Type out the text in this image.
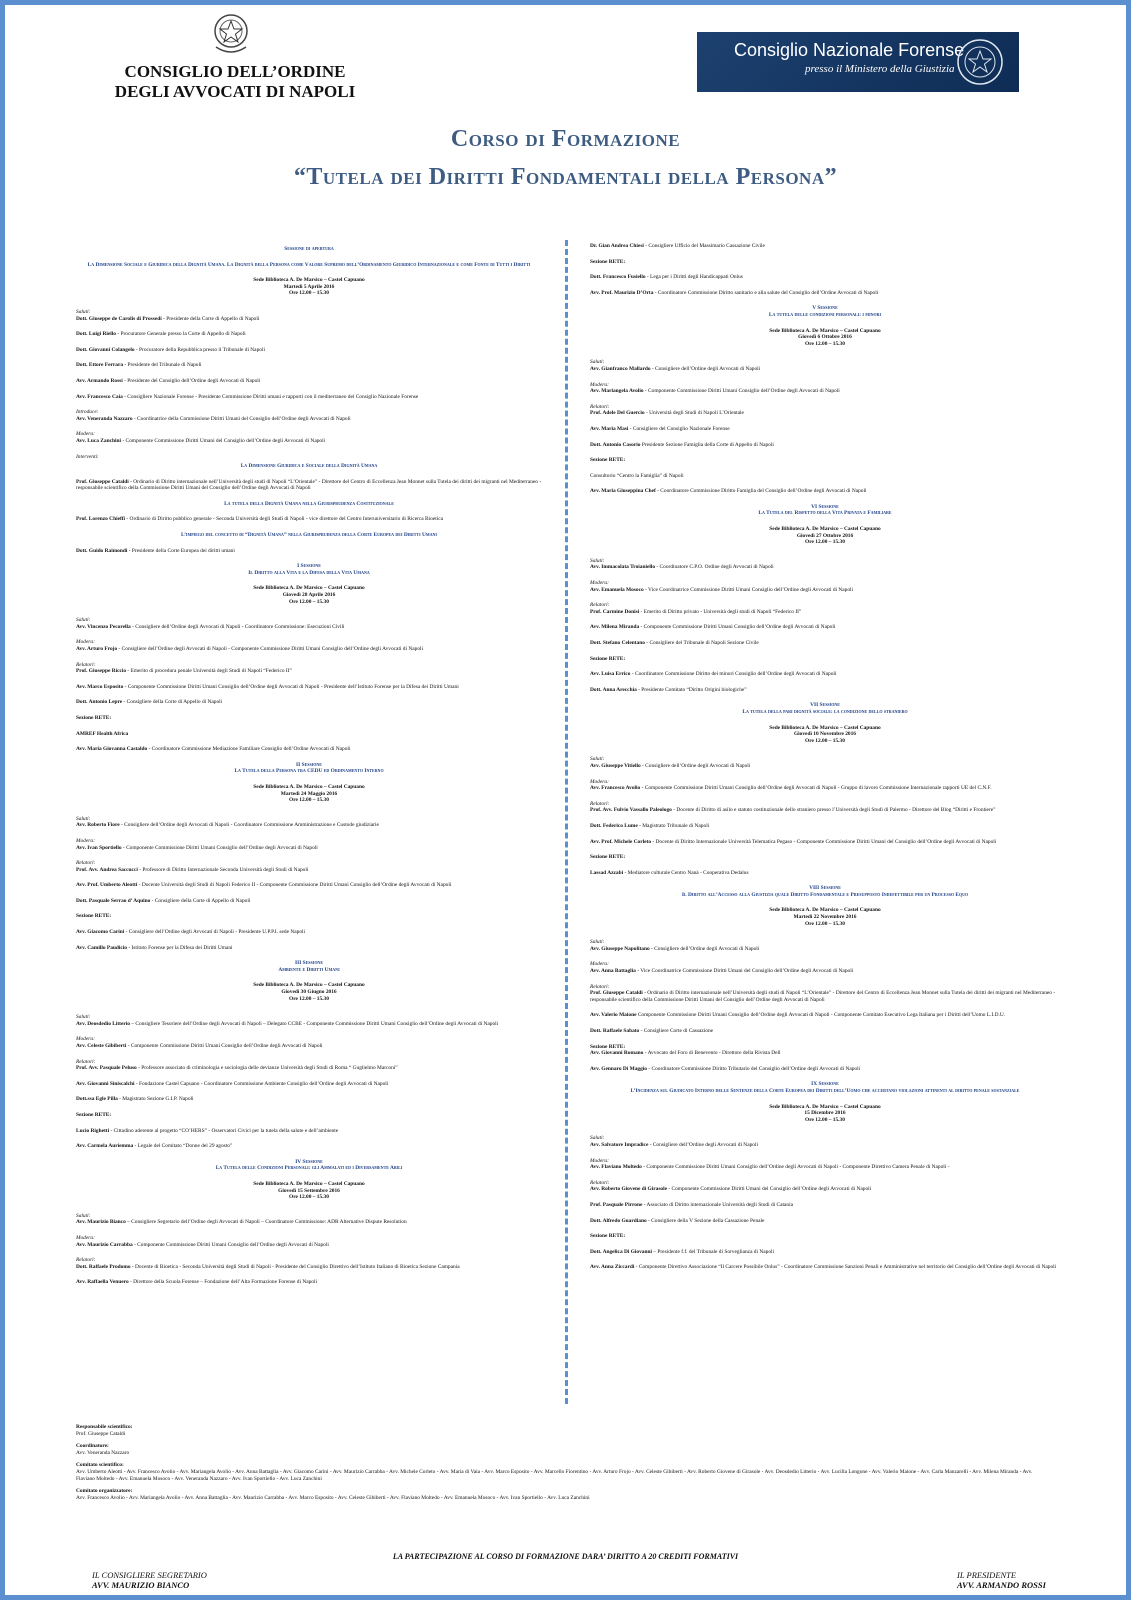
CONSIGLIO DELL’ORDINE
DEGLI AVVOCATI DI NAPOLI
Consiglio Nazionale Forense
presso il Ministero della Giustizia
Corso di Formazione
“Tutela dei Diritti Fondamentali della Persona”

Sessione di apertura

La Dimensione Sociale e Giuridica della Dignità Umana. La Dignità della Persona come Valore Supremo dell’Ordinamento Giuridico Internazionale e come Fonte di Tutti i Diritti

Sede Biblioteca A. De Marsico – Castel Capuano
Martedì 5 Aprile 2016
Ore 12.00 – 15.30

Saluti:

Dott. Giuseppe de Carolis di Prossedi - Presidente della Corte di Appello di Napoli

Dott. Luigi Riello - Procuratore Generale presso la Corte di Appello di Napoli

Dott. Giovanni Colangelo - Procuratore della Repubblica presso il Tribunale di Napoli

Dott. Ettore Ferrara - Presidente del Tribunale di Napoli

Avv. Armando Rossi - Presidente del Consiglio dell’Ordine degli Avvocati di Napoli

Avv. Francesco Caia - Consigliere Nazionale Forense - Presidente Commissione Diritti umani e rapporti con il mediterraneo del Consiglio Nazionale Forense

Introduce:

Avv. Veneranda Nazzaro - Coordinatrice della Commissione Diritti Umani del Consiglio dell’Ordine degli Avvocati di Napoli

Modera:

Avv. Luca Zanchini - Componente Commissione Diritti Umani del Consiglio dell’Ordine degli Avvocati di Napoli

Interventi:

La Dimensione Giuridica e Sociale della Dignità Umana

Prof. Giuseppe Cataldi - Ordinario di Diritto internazionale nell’Università degli studi di Napoli “L’Orientale” - Direttore del Centro di Eccellenza Jean Monnet sulla Tutela dei diritti dei migranti nel Mediterraneo - responsabile scientifico della Commissione Diritti Umani del Consiglio dell’Ordine degli Avvocati di Napoli

La tutela della Dignità Umana nella Giurisprudenza Costituzionale

Prof. Lorenzo Chieffi - Ordinario di Diritto pubblico generale - Seconda Università degli Studi di Napoli - vice direttore del Centro Interuniversitario di Ricerca Bioetica

L’impiego del concetto di “Dignità Umana” nella Giurisprudenza della Corte Europea dei Diritti Umani

Dott. Guido Raimondi - Presidente della Corte Europea dei diritti umani

I Sessione
Il Diritto alla Vita e la Difesa della Vita Umana

Sede Biblioteca A. De Marsico – Castel Capuano
Giovedì 28 Aprile 2016
Ore 12.00 – 15.30

Saluti:

Avv. Vincenzo Pecorella - Consigliere dell’Ordine degli Avvocati di Napoli - Coordinatore Commissione: Esecuzioni Civili

Modera:

Avv. Arturo Frojo - Consigliere dell’Ordine degli Avvocati di Napoli - Componente Commissione Diritti Umani Consiglio dell’Ordine degli Avvocati di Napoli

Relatori:

Prof. Giuseppe Riccio - Emerito di procedura penale Università degli Studi di Napoli “Federico II”

Avv. Marco Esposito - Componente Commissione Diritti Umani Consiglio dell’Ordine degli Avvocati di Napoli - Presidente dell’Istituto Forense per la Difesa dei Diritti Umani

Dott. Antonio Lepre - Consigliere della Corte di Appello di Napoli

Sezione RETE:

AMREF Health Africa

Avv. Maria Giovanna Castaldo - Coordinatore Commissione Mediazione Familiare Consiglio dell’Ordine Avvocati di Napoli

II Sessione
La Tutela della Persona tra CEDU ed Ordinamento Interno

Sede Biblioteca A. De Marsico – Castel Capuano
Martedì 24 Maggio 2016
Ore 12.00 – 15.30

Saluti:

Avv. Roberto Fiore - Consigliere dell’Ordine degli Avvocati di Napoli - Coordinatore Commissione Amministrazione e Custode giudiziarie

Modera:

Avv. Ivan Sportiello - Componente Commissione Diritti Umani Consiglio dell’Ordine degli Avvocati di Napoli

Relatori:

Prof. Avv. Andrea Saccucci - Professore di Diritto Internazionale Seconda Università degli Studi di Napoli

Avv. Prof. Umberto Aleotti - Docente Università degli Studi di Napoli Federico II - Componente Commissione Diritti Umani Consiglio dell’Ordine degli Avvocati di Napoli

Dott. Pasquale Serrao d’ Aquino - Consigliere della Corte di Appello di Napoli

Sezione RETE:

Avv. Giacomo Carini - Consigliere dell’Ordine degli Avvocati di Napoli - Presidente U.P.P.I. sede Napoli

Avv. Camillo Paudicio - Istituto Forense per la Difesa dei Diritti Umani

III Sessione
Ambiente e Diritti Umani

Sede Biblioteca A. De Marsico – Castel Capuano
Giovedì 30 Giugno 2016
Ore 12.00 – 15.30

Saluti:

Avv. Deosdedio Litterio – Consigliere Tesoriere dell’Ordine degli Avvocati di Napoli – Delegato CCBE - Componente Commissione Diritti Umani Consiglio dell’Ordine degli Avvocati di Napoli

Modera:

Avv. Celeste Gibiberti - Componente Commissione Diritti Umani Consiglio dell’Ordine degli Avvocati di Napoli

Relatori:

Prof. Avv. Pasquale Peluso - Professore associato di criminologia e sociologia delle devianze Università degli Studi di Roma “ Guglielmo Marconi”

Avv. Giovanni Siniscalchi - Fondazione Castel Capuano - Coordinatore Commissione Ambiente Consiglio dell’Ordine degli Avvocati di Napoli

Dott.ssa Egle Pilla - Magistrato Sezione G.I.P. Napoli

Sezione RETE:

Lucio Righetti - Cittadino aderente al progetto “CO’HERS” - Osservatori Civici per la tutela della salute e dell’ambiente

Avv. Carmela Auriemma - Legale del Comitato “Donne del 29 agosto”

IV Sessione
La Tutela delle Condizioni Personali: gli Ammalati ed i Diversamente Abili

Sede Biblioteca A. De Marsico – Castel Capuano
Giovedì 15 Settembre 2016
Ore 12.00 – 15.30

Saluti:

Avv. Maurizio Bianco – Consigliere Segretario dell’Ordine degli Avvocati di Napoli – Coordinatore Commissione: ADR Alternative Dispute Resolution

Modera:

Avv. Maurizio Carrabba - Componente Commissione Diritti Umani Consiglio dell’Ordine degli Avvocati di Napoli

Relatori:

Dott. Raffaele Prodomo - Docente di Bioetica - Seconda Università degli Studi di Napoli - Presidente del Consiglio Direttivo dell’Istituto Italiano di Bioetica Sezione Campania

Avv. Raffaella Venuero - Direttore della Scuola Forense – Fondazione dell’Alta Formazione Forense di Napoli

Dr. Gian Andrea Chiesi - Consigliere Ufficio del Massimario Cassazione Civile

Sezione RETE:

Dott. Francesco Fusiello - Lega per i Diritti degli Handicappati Onlus

Avv. Prof. Maurizio D’Orta - Coordinatore Commissione Diritto sanitario e alla salute del Consiglio dell’Ordine Avvocati di Napoli

V Sessione
La tutela delle condizioni personali: i minori

Sede Biblioteca A. De Marsico – Castel Capuano
Giovedì 6 Ottobre 2016
Ore 12.00 – 15.30

Saluti:

Avv. Gianfranco Mallardo - Consigliere dell’Ordine degli Avvocati di Napoli

Modera:

Avv. Mariangela Avolio - Componente Commissione Diritti Umani Consiglio dell’Ordine degli Avvocati di Napoli

Relatori:

Prof. Adele Del Guercio - Università degli Studi di Napoli L’Orientale

Avv. Maria Masi - Consigliere del Consiglio Nazionale Forense

Dott. Antonio Casorio Presidente Sezione Famiglia della Corte di Appello di Napoli

Sezione RETE:

Consultorio “Centro la Famiglia” di Napoli

Avv. Maria Giuseppina Chef - Coordinatore Commissione Diritto Famiglia del Consiglio dell’Ordine degli Avvocati di Napoli

VI Sessione
La Tutela del Rispetto della Vita Privata e Familiare

Sede Biblioteca A. De Marsico – Castel Capuano
Giovedì 27 Ottobre 2016
Ore 12.00 – 15.30

Saluti:

Avv. Immacolata Troianiello - Coordinatore C.P.O. Ordine degli Avvocati di Napoli

Modera:

Avv. Emanuela Mosoco - Vice Coordinatrice Commissione Diritti Umani Consiglio dell’Ordine degli Avvocati di Napoli

Relatori:

Prof. Carmine Donisi - Emerito di Diritto privato - Università degli studi di Napoli “Federico II”

Avv. Milena Miranda - Componente Commissione Diritti Umani Consiglio dell’Ordine degli Avvocati di Napoli

Dott. Stefano Celentano - Consigliere del Tribunale di Napoli Sezione Civile

Sezione RETE:

Avv. Luisa Errico - Coordinatore Commissione Diritto dei minori Consiglio dell’Ordine degli Avvocati di Napoli

Dott. Anna Arecchia - Presidente Comitato “Diritto Origini biologiche”

VII Sessione
La tutela della pari dignità sociale: la condizione dello straniero

Sede Biblioteca A. De Marsico – Castel Capuano
Giovedì 10 Novembre 2016
Ore 12.00 – 15.30

Saluti:

Avv. Giuseppe Vitiello - Consigliere dell’Ordine degli Avvocati di Napoli

Modera:

Avv. Francesco Avolio - Componente Commissione Diritti Umani Consiglio dell’Ordine degli Avvocati di Napoli - Gruppo di lavoro Commissione Internazionale rapporti UE del C.N.F.

Relatori:

Prof. Avv. Fulvio Vassallo Paleologo - Docente di Diritto di asilo e statuto costituzionale dello straniero presso l’Università degli Studi di Palermo - Direttore del Blog “Diritti e Frontiere”

Dott. Federico Lume - Magistrato Tribunale di Napoli

Avv. Prof. Michele Corleto - Docente di Diritto Internazionale Università Telematica Pegaso - Componente Commissione Diritti Umani del Consiglio dell’Ordine degli Avvocati di Napoli

Sezione RETE:

Lassad Azzabi - Mediatore culturale Centro Nanà - Cooperativa Dedalus

VIII Sessione
Il Diritto all’Accesso alla Giustizia quale Diritto Fondamentale e Presupposto Indefettibile per un Processo Equo

Sede Biblioteca A. De Marsico – Castel Capuano
Martedì 22 Novembre 2016
Ore 12.00 – 15.30

Saluti:

Avv. Giuseppe Napolitano - Consigliere dell’Ordine degli Avvocati di Napoli

Modera:

Avv. Anna Battaglia - Vice Coordinatrice Commissione Diritti Umani del Consiglio dell’Ordine degli Avvocati di Napoli

Relatori:

Prof. Giuseppe Cataldi - Ordinario di Diritto internazionale nell’Università degli studi di Napoli “L’Orientale” - Direttore del Centro di Eccellenza Jean Monnet sulla Tutela dei diritti dei migranti nel Mediterraneo - responsabile scientifico della Commissione Diritti Umani del Consiglio dell’Ordine degli Avvocati di Napoli

Avv. Valerio Maione Componente Commissione Diritti Umani Consiglio dell’Ordine degli Avvocati di Napoli - Componente Comitato Esecutivo Lega Italiana per i Diritti dell’Uomo L.I.D.U.

Dott. Raffaele Sabato - Consigliere Corte di Cassazione

Sezione RETE:
Avv. Giovanni Romano - Avvocato del Foro di Benevento - Direttore della Rivista Dell

Avv. Gennaro Di Maggio - Coordinatore Commissione Diritto Tributario del Consiglio dell’Ordine degli Avvocati di Napoli

IX Sessione
L’Incidenza sul Giudicato Interno delle Sentenze della Corte Europea dei Diritti dell’Uomo che accertano violazioni attinenti al diritto penale sostanziale

Sede Biblioteca A. De Marsico – Castel Capuano
15 Dicembre 2016
Ore 12.00 – 15.30

Saluti:

Avv. Salvatore Impradice - Consigliere dell’Ordine degli Avvocati di Napoli

Modera:

Avv. Flaviano Moltedo - Componente Commissione Diritti Umani Consiglio dell’Ordine degli Avvocati di Napoli - Componente Direttivo Camera Penale di Napoli -

Relatori:

Avv. Roberto Giovene di Girasole - Componente Commissione Diritti Umani del Consiglio dell’Ordine degli Avvocati di Napoli

Prof. Pasquale Pirrone - Associato di Diritto internazionale Università degli Studi di Catania

Dott. Alfredo Guardiano - Consigliere della V Sezione della Cassazione Penale

Sezione RETE:

Dott. Angelica Di Giovanni – Presidente f.f. del Tribunale di Sorveglianza di Napoli

Avv. Anna Ziccardi - Componente Direttivo Associazione “Il Carcere Possibile Onlus” - Coordinatore Commissione Sanzioni Penali e Amministrative nel territorio del Consiglio dell’Ordine degli Avvocati di Napoli

Responsabile scientifico:
Prof. Giuseppe Cataldi

Coordinatore:
Avv. Veneranda Nazzaro

Comitato scientifico:
Avv. Umberto Aleotti - Avv. Francesco Avolio - Avv. Mariangela Avolio - Avv. Anna Battaglia - Avv. Giacomo Carini - Avv. Maurizio Carrabba - Avv. Michele Corleto - Avv. Maria di Vaia - Avv. Marco Esposito - Avv. Marcello Fiorentino - Avv. Arturo Frojo - Avv. Celeste Gibiberti - Avv. Roberto Giovene di Girasole - Avv. Deosdedio Litterio - Avv. Lucilla Longone - Avv. Valerio Maione - Avv. Carla Manzarelli - Avv. Milena Miranda - Avv. Flaviano Moltedo - Avv. Emanuela Mosoco - Avv. Veneranda Nazzaro - Avv. Ivan Sportiello - Avv. Luca Zanchini

Comitato organizzatore:
Avv. Francesco Avolio - Avv. Mariangela Avolio - Avv. Anna Battaglia - Avv. Maurizio Carrabba - Avv. Marco Esposito - Avv. Celeste Gibiberti - Avv. Flaviano Moltedo - Avv. Emanuela Mosoco - Avv. Ivan Sportiello - Avv. Luca Zanchini

LA PARTECIPAZIONE AL CORSO DI FORMAZIONE DARA’ DIRITTO A 20 CREDITI FORMATIVI
IL CONSIGLIERE SEGRETARIO
AVV. MAURIZIO BIANCO
IL PRESIDENTE
AVV. ARMANDO ROSSI
